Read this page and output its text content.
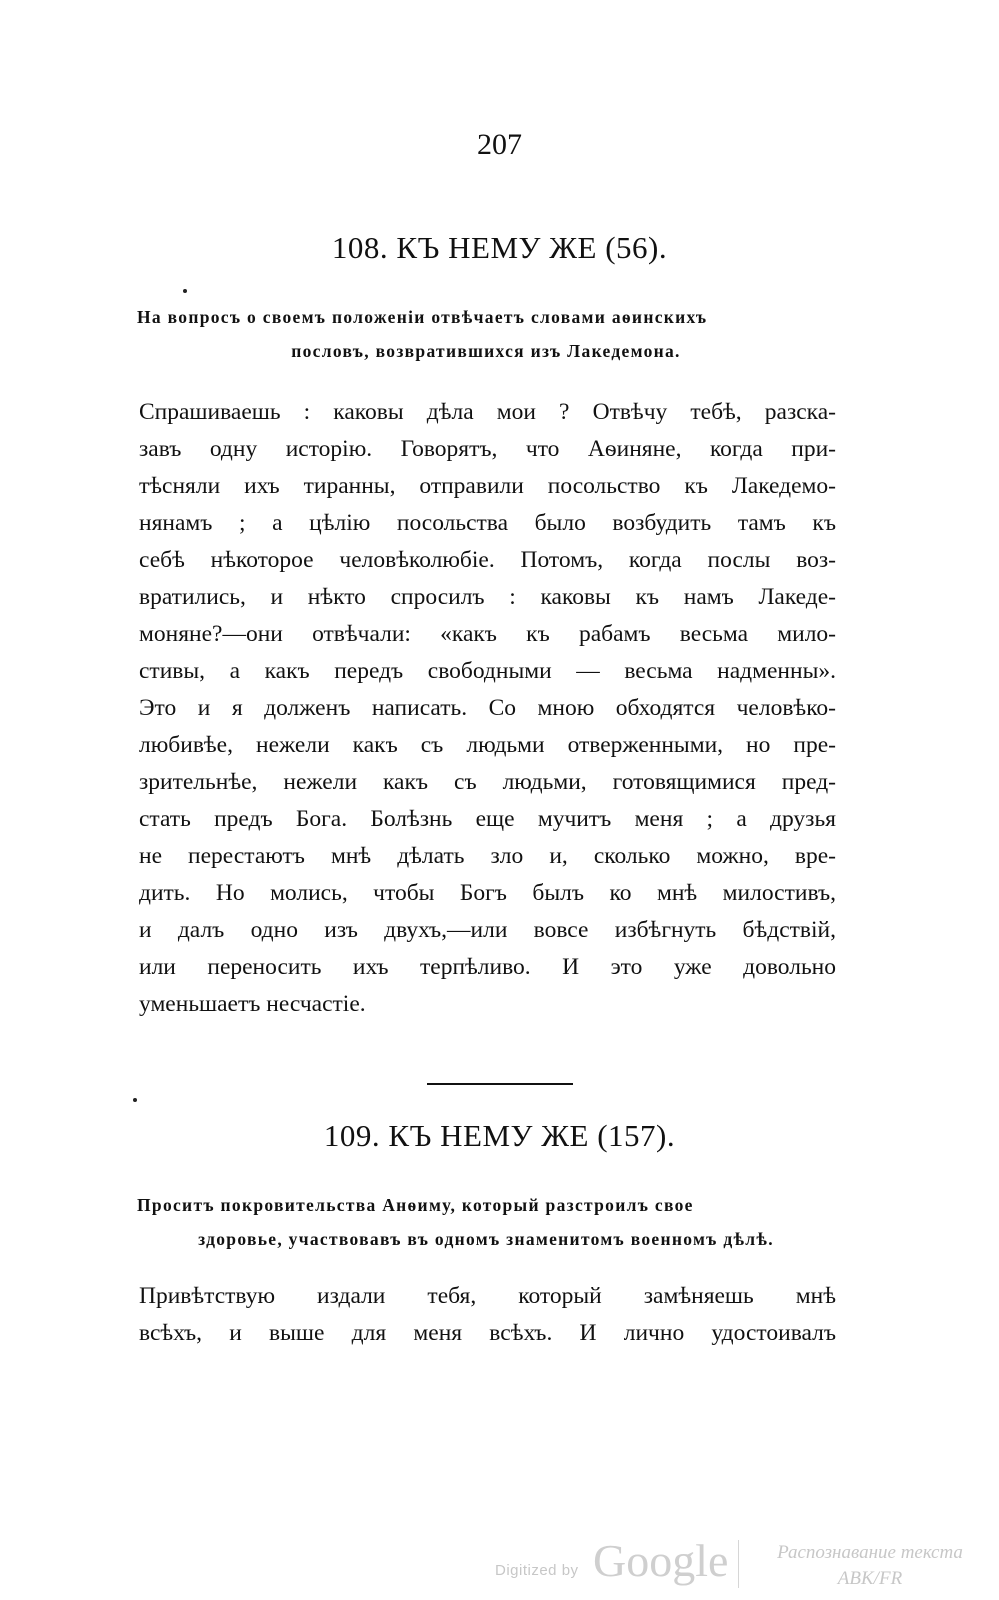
207
108. КЪ НЕМУ ЖЕ (56).
На вопросъ о своемъ положеніи отвѣчаетъ словами аѳинскихъ
пословъ, возвратившихся изъ Лакедемона.
Спрашиваешь : каковы дѣла мои ? Отвѣчу тебѣ, разска-
завъ одну исторію. Говорятъ, что Аѳиняне, когда при-
тѣсняли ихъ тиранны, отправили посольство къ Лакедемо-
нянамъ ; а цѣлію посольства было возбудить тамъ къ
себѣ нѣкоторое человѣколюбіе. Потомъ, когда послы воз-
вратились, и нѣкто спросилъ : каковы къ намъ Лакеде-
моняне?—они отвѣчали: «какъ къ рабамъ весьма мило-
стивы, а какъ передъ свободными — весьма надменны».
Это и я долженъ написать. Со мною обходятся человѣко-
любивѣе, нежели какъ съ людьми отверженными, но пре-
зрительнѣе, нежели какъ съ людьми, готовящимися пред-
стать предъ Бога. Болѣзнь еще мучитъ меня ; а друзья
не перестаютъ мнѣ дѣлать зло и, сколько можно, вре-
дить. Но молись, чтобы Богъ былъ ко мнѣ милостивъ,
и далъ одно изъ двухъ,—или вовсе избѣгнуть бѣдствій,
или переносить ихъ терпѣливо. И это уже довольно
уменьшаетъ несчастіе.
109. КЪ НЕМУ ЖЕ (157).
Проситъ покровительства Анѳиму, который разстроилъ свое
здоровье, участвовавъ въ одномъ знаменитомъ военномъ дѣлѣ.
Привѣтствую издали тебя, который замѣняешь мнѣ
всѣхъ, и выше для меня всѣхъ. И лично удостоивалъ
Digitized by Google	Распознавание текста
ABK/FR
